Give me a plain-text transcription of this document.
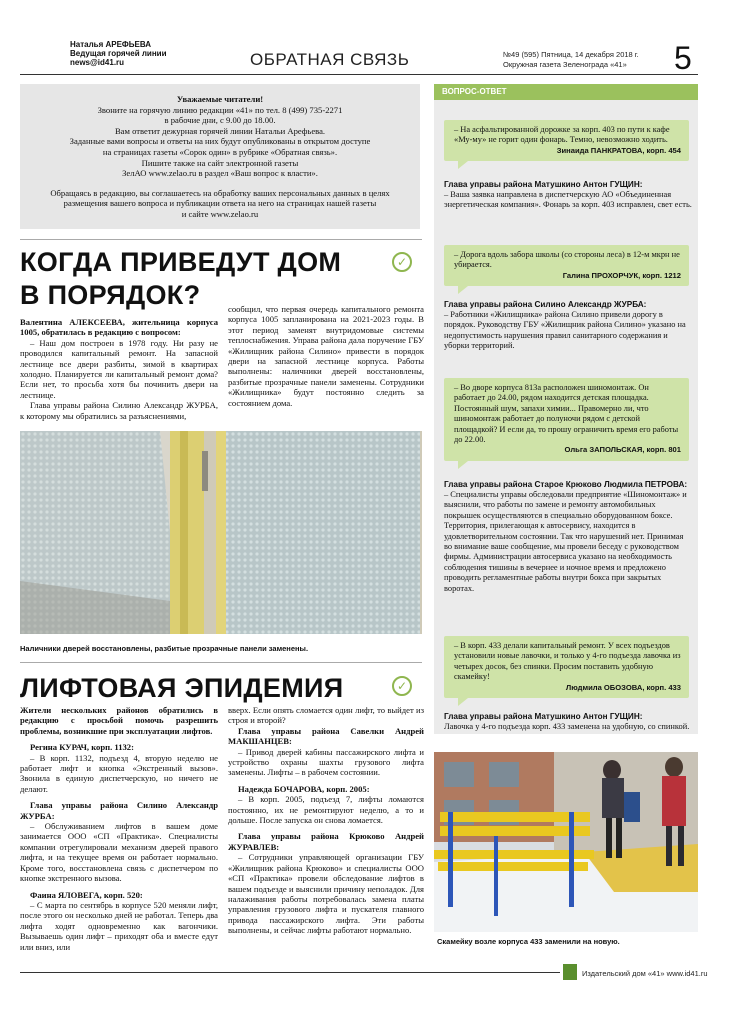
Наталья АРЕФЬЕВА
Ведущая горячей линии
news@id41.ru	ОБРАТНАЯ СВЯЗЬ	№49 (595) Пятница, 14 декабря 2018 г.
Окружная газета Зеленограда «41»	5
Уважаемые читатели!
Звоните на горячую линию редакции «41» по тел. 8 (499) 735-2271
в рабочие дни, с 9.00 до 18.00.
Вам ответит дежурная горячей линии Натальи Арефьева.
Заданные вами вопросы и ответы на них будут опубликованы в открытом доступе
на страницах газеты «Сорок один» в рубрике «Обратная связь».
Пишите также на сайт электронной газеты
ЗелАО www.zelao.ru в раздел «Ваш вопрос к власти».
Обращаясь в редакцию, вы соглашаетесь на обработку ваших персональных данных в целях
размещения вашего вопроса и публикации ответа на него на страницах нашей газеты
и сайте www.zelao.ru
КОГДА ПРИВЕДУТ ДОМ
В ПОРЯДОК?
✓

Валентина АЛЕКСЕЕВА, жительница корпуса 1005, обратилась в редакцию с вопросом:

– Наш дом построен в 1978 году. Ни разу не проводился капитальный ремонт. На запасной лестнице все двери разбиты, зимой в квартирах холодно. Планируется ли капитальный ремонт дома? Если нет, то просьба хотя бы починить двери на лестнице.

Глава управы района Силино Александр ЖУРБА, к которому мы обратились за разъяснениями,

сообщил, что первая очередь капитального ремонта корпуса 1005 запланирована на 2021-2023 годы. В этот период заменят внутридомовые системы теплоснабжения. Управа района дала поручение ГБУ «Жилищник района Силино» привести в порядок двери на запасной лестнице корпуса. Работы выполнены: наличники дверей восстановлены, разбитые прозрачные панели заменены. Сотрудники «Жилищника» будут постоянно следить за состоянием дома.

Наличники дверей восстановлены, разбитые прозрачные панели заменены.
ЛИФТОВАЯ ЭПИДЕМИЯ	✓

Жители нескольких районов обратились в редакцию с просьбой помочь разрешить проблемы, возникшие при эксплуатации лифтов.

Регина КУРАЧ, корп. 1132:

– В корп. 1132, подъезд 4, вторую неделю не работает лифт и кнопка «Экстренный вызов». Звонила в единую диспетчерскую, но ничего не делают.

Глава управы района Силино Александр ЖУРБА:

– Обслуживанием лифтов в вашем доме занимается ООО «СП «Практика». Специалисты компании отрегулировали механизм дверей правого лифта, и на текущее время он работает нормально. Кроме того, восстановлена связь с диспетчером по кнопке экстренного вызова.

Фаина ЯЛОВЕГА, корп. 520:

– С марта по сентябрь в корпусе 520 меняли лифт, после этого он несколько дней не работал. Теперь два лифта ходят одновременно как вагончики. Вызываешь один лифт – приходят оба и вместе едут или вниз, или

вверх. Если опять сломается один лифт, то выйдет из строя и второй?

Глава управы района Савелки Андрей МАКШАНЦЕВ:

– Привод дверей кабины пассажирского лифта и устройство охраны шахты грузового лифта заменены. Лифты – в рабочем состоянии.

Надежда БОЧАРОВА, корп. 2005:

– В корп. 2005, подъезд 7, лифты ломаются постоянно, их не ремонтируют неделю, а то и дольше. После запуска он снова ломается.

Глава управы района Крюково Андрей ЖУРАВЛЕВ:

– Сотрудники управляющей организации ГБУ «Жилищник района Крюково» и специалисты ООО «СП «Практика» провели обследование лифтов в вашем подъезде и выяснили причину неполадок. Для налаживания работы потребовалась замена платы управления грузового лифта и пускателя главного привода пассажирского лифта. Эти работы выполнены, и сейчас лифты работают нормально.

ВОПРОС-ОТВЕТ
– На асфальтированной дорожке за корп. 403 по пути к кафе «Му-му» не горит один фонарь. Темно, невозможно ходить.
Зинаида ПАНКРАТОВА, корп. 454
Глава управы района Матушкино Антон ГУЩИН:
– Ваша заявка направлена в диспетчерскую АО «Объединенная энергетическая компания». Фонарь за корп. 403 исправлен, свет есть.
– Дорога вдоль забора школы (со стороны леса) в 12-м мкрн не убирается.
Галина ПРОХОРЧУК, корп. 1212
Глава управы района Силино Александр ЖУРБА:
– Работники «Жилищника» района Силино привели дорогу в порядок. Руководству ГБУ «Жилищник района Силино» указано на недопустимость нарушения правил санитарного содержания и уборки территорий.
– Во дворе корпуса 813а расположен шиномонтаж. Он работает до 24.00, рядом находится детская площадка. Постоянный шум, запахи химии... Правомерно ли, что шиномонтаж работает до полуночи рядом с детской площадкой? И если да, то прошу ограничить время его работы до 22.00.
Ольга ЗАПОЛЬСКАЯ, корп. 801
Глава управы района Старое Крюково Людмила ПЕТРОВА:
– Специалисты управы обследовали предприятие «Шиномонтаж» и выяснили, что работы по замене и ремонту автомобильных покрышек осуществляются в специально оборудованном боксе. Территория, прилегающая к автосервису, находится в удовлетворительном состоянии. Так что нарушений нет. Принимая во внимание ваше сообщение, мы провели беседу с руководством фирмы. Администрации автосервиса указано на необходимость соблюдения тишины в вечернее и ночное время и предложено проводить регламентные работы внутри бокса при закрытых воротах.
– В корп. 433 делали капитальный ремонт. У всех подъездов установили новые лавочки, и только у 4-го подъезда лавочка из четырех досок, без спинки. Просим поставить удобную скамейку!
Людмила ОБОЗОВА, корп. 433
Глава управы района Матушкино Антон ГУЩИН:
Лавочка у 4-го подъезда корп. 433 заменена на удобную, со спинкой.
Скамейку возле корпуса 433 заменили на новую.
Издательский дом «41» www.id41.ru
